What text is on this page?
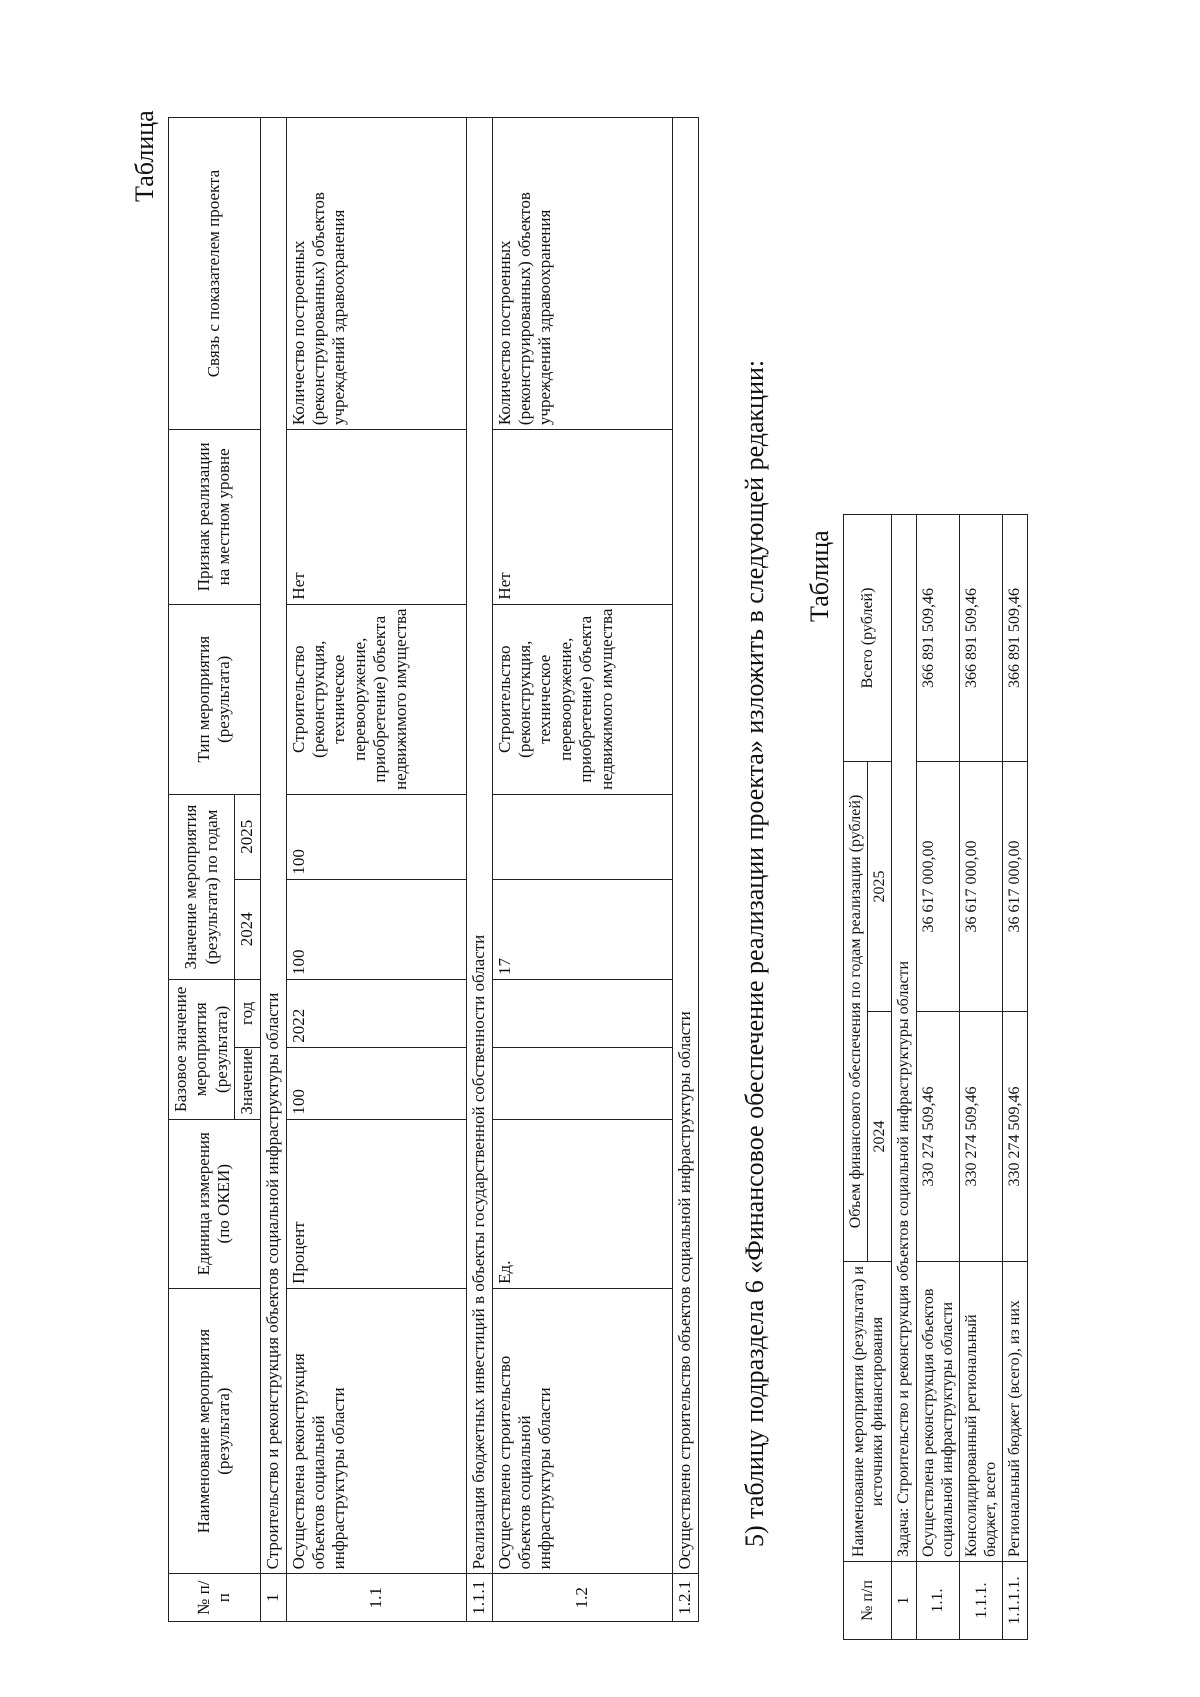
Таблица
№ п/п	Наименование мероприятия (результата)	Единица измерения (по ОКЕИ)	Базовое значение мероприятия (результата)		Значение мероприятия (результата) по годам		Тип мероприятия (результата)	Признак реализации на местном уровне	Связь с показателем проекта
			Значение	год	2024	2025			
1	Строительство и реконструкция объектов социальной инфраструктуры области								
1.1	Осуществлена реконструкция объектов социальной инфраструктуры области	Процент	100	2022	100	100	Строительство (реконструкция, техническое перевооружение, приобретение) объекта недвижимого имущества	Нет	Количество построенных (реконструированных) объектов учреждений здравоохранения
1.1.1	Реализация бюджетных инвестиций в объекты государственной собственности области								
1.2	Осуществлено строительство объектов социальной инфраструктуры области	Ед.			17		Строительство (реконструкция, техническое перевооружение, приобретение) объекта недвижимого имущества	Нет	Количество построенных (реконструированных) объектов учреждений здравоохранения
1.2.1	Осуществлено строительство объектов социальной инфраструктуры области								5) таблицу подраздела 6 «Финансовое обеспечение реализации проекта» изложить в следующей редакции: Таблица
№ п/п	Наименование мероприятия (результата) и источники финансирования	Объем финансового обеспечения по годам реализации (рублей)		Всего (рублей)
		2024	2025	
1	Задача: Строительство и реконструкция объектов социальной инфраструктуры области			
1.1.	Осуществлена реконструкция объектов социальной инфраструктуры области	330 274 509,46	36 617 000,00	366 891 509,46
1.1.1.	Консолидированный региональный бюджет, всего	330 274 509,46	36 617 000,00	366 891 509,46
1.1.1.1.	Региональный бюджет (всего), из них	330 274 509,46	36 617 000,00	366 891 509,46
